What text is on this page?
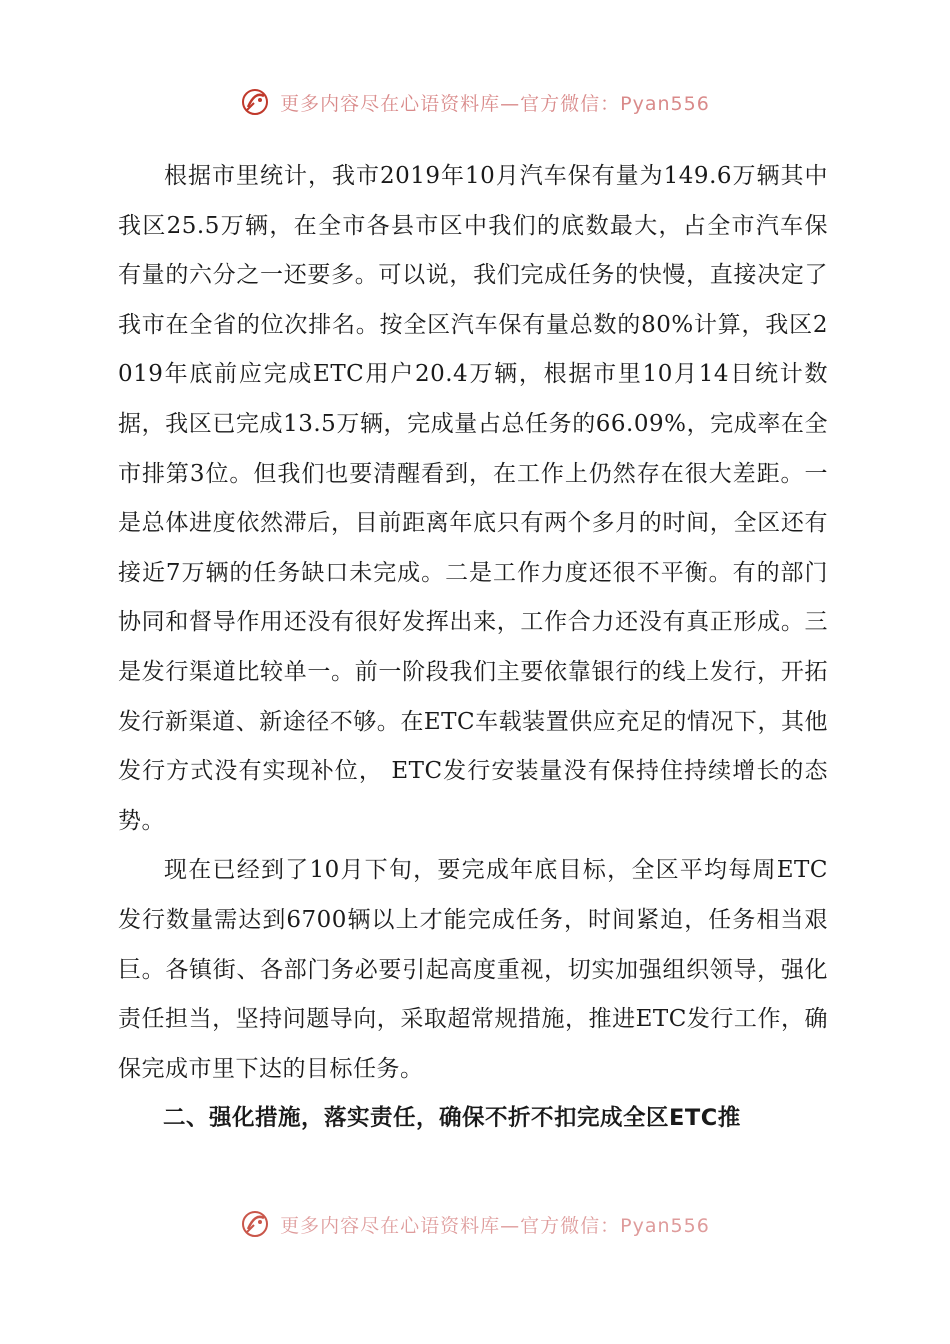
更多内容尽在心语资料库—官方微信：Pyan556

根据市里统计，我市2019年10月汽车保有量为149.6万辆其中我区25.5万辆，在全市各县市区中我们的底数最大，占全市汽车保有量的六分之一还要多。可以说，我们完成任务的快慢，直接决定了我市在全省的位次排名。按全区汽车保有量总数的80%计算，我区2019年底前应完成ETC用户20.4万辆，根据市里10月14日统计数据，我区已完成13.5万辆，完成量占总任务的66.09%，完成率在全市排第3位。但我们也要清醒看到，在工作上仍然存在很大差距。一是总体进度依然滞后，目前距离年底只有两个多月的时间，全区还有接近7万辆的任务缺口未完成。二是工作力度还很不平衡。有的部门协同和督导作用还没有很好发挥出来，工作合力还没有真正形成。三是发行渠道比较单一。前一阶段我们主要依靠银行的线上发行，开拓发行新渠道、新途径不够。在ETC车载装置供应充足的情况下，其他发行方式没有实现补位， ETC发行安装量没有保持住持续增长的态势。

现在已经到了10月下旬，要完成年底目标，全区平均每周ETC发行数量需达到6700辆以上才能完成任务，时间紧迫，任务相当艰巨。各镇街、各部门务必要引起高度重视，切实加强组织领导，强化责任担当，坚持问题导向，采取超常规措施，推进ETC发行工作，确保完成市里下达的目标任务。

二、强化措施，落实责任，确保不折不扣完成全区ETC推

更多内容尽在心语资料库—官方微信：Pyan556
